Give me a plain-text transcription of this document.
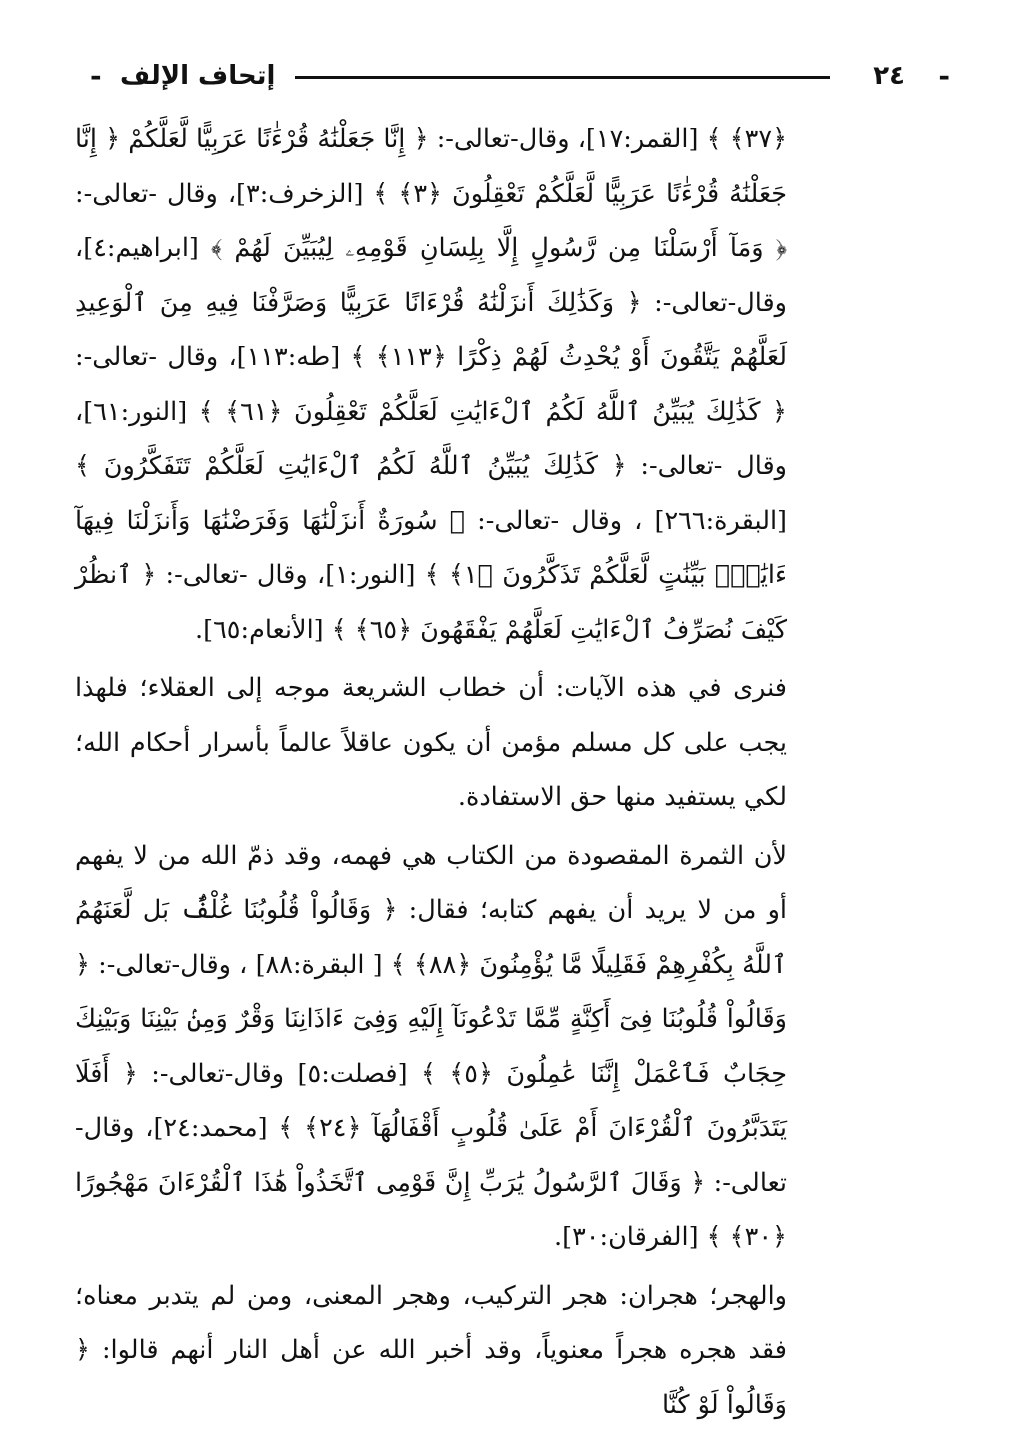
- إتحاف الإلف	٢٤ -

﴿٣٧﴾ ﴾ [القمر:١٧]، وقال-تعالى-: ﴿ إِنَّا جَعَلْنَٰهُ قُرْءَٰنًا عَرَبِيًّا لَّعَلَّكُمْ ﴿ إِنَّا جَعَلْنَٰهُ قُرْءَٰنًا عَرَبِيًّا لَّعَلَّكُمْ تَعْقِلُونَ ﴿٣﴾ ﴾ [الزخرف:٣]، وقال -تعالى-: ﴿ وَمَآ أَرْسَلْنَا مِن رَّسُولٍ إِلَّا بِلِسَانِ قَوْمِهِۦ لِيُبَيِّنَ لَهُمْ ﴾ [ابراهيم:٤]، وقال-تعالى-: ﴿ وَكَذَٰلِكَ أَنزَلْنَٰهُ قُرْءَانًا عَرَبِيًّا وَصَرَّفْنَا فِيهِ مِنَ ٱلْوَعِيدِ لَعَلَّهُمْ يَتَّقُونَ أَوْ يُحْدِثُ لَهُمْ ذِكْرًا ﴿١١٣﴾ ﴾ [طه:١١٣]، وقال -تعالى-: ﴿ كَذَٰلِكَ يُبَيِّنُ ٱللَّهُ لَكُمُ ٱلْءَايَٰتِ لَعَلَّكُمْ تَعْقِلُونَ ﴿٦١﴾ ﴾ [النور:٦١]، وقال -تعالى-: ﴿ كَذَٰلِكَ يُبَيِّنُ ٱللَّهُ لَكُمُ ٱلْءَايَٰتِ لَعَلَّكُمْ تَتَفَكَّرُونَ ﴾ [البقرة:٢٦٦] ، وقال -تعالى-: ﴿ سُورَةٌ أَنزَلْنَٰهَا وَفَرَضْنَٰهَا وَأَنزَلْنَا فِيهَآ ءَايَٰتٍۭ بَيِّنَٰتٍ لَّعَلَّكُمْ تَذَكَّرُونَ ﴿١﴾ ﴾ [النور:١]، وقال -تعالى-: ﴿ ٱنظُرْ كَيْفَ نُصَرِّفُ ٱلْءَايَٰتِ لَعَلَّهُمْ يَفْقَهُونَ ﴿٦٥﴾ ﴾ [الأنعام:٦٥].

فنرى في هذه الآيات: أن خطاب الشريعة موجه إلى العقلاء؛ فلهذا يجب على كل مسلم مؤمن أن يكون عاقلاً عالماً بأسرار أحكام الله؛ لكي يستفيد منها حق الاستفادة.

لأن الثمرة المقصودة من الكتاب هي فهمه، وقد ذمّ الله من لا يفهم أو من لا يريد أن يفهم كتابه؛ فقال: ﴿ وَقَالُواْ قُلُوبُنَا غُلْفٌۢ بَل لَّعَنَهُمُ ٱللَّهُ بِكُفْرِهِمْ فَقَلِيلًا مَّا يُؤْمِنُونَ ﴿٨٨﴾ ﴾ [ البقرة:٨٨] ، وقال-تعالى-: ﴿ وَقَالُواْ قُلُوبُنَا فِىٓ أَكِنَّةٍ مِّمَّا تَدْعُونَآ إِلَيْهِ وَفِىٓ ءَاذَانِنَا وَقْرٌ وَمِنۢ بَيْنِنَا وَبَيْنِكَ حِجَابٌ فَٱعْمَلْ إِنَّنَا عَٰمِلُونَ ﴿٥﴾ ﴾ [فصلت:٥] وقال-تعالى-: ﴿ أَفَلَا يَتَدَبَّرُونَ ٱلْقُرْءَانَ أَمْ عَلَىٰ قُلُوبٍ أَقْفَالُهَآ ﴿٢٤﴾ ﴾ [محمد:٢٤]، وقال- تعالى-: ﴿ وَقَالَ ٱلرَّسُولُ يَٰرَبِّ إِنَّ قَوْمِى ٱتَّخَذُواْ هَٰذَا ٱلْقُرْءَانَ مَهْجُورًا ﴿٣٠﴾ ﴾ [الفرقان:٣٠].

والهجر؛ هجران: هجر التركيب، وهجر المعنى، ومن لم يتدبر معناه؛ فقد هجره هجراً معنوياً، وقد أخبر الله عن أهل النار أنهم قالوا: ﴿ وَقَالُواْ لَوْ كُنَّا
